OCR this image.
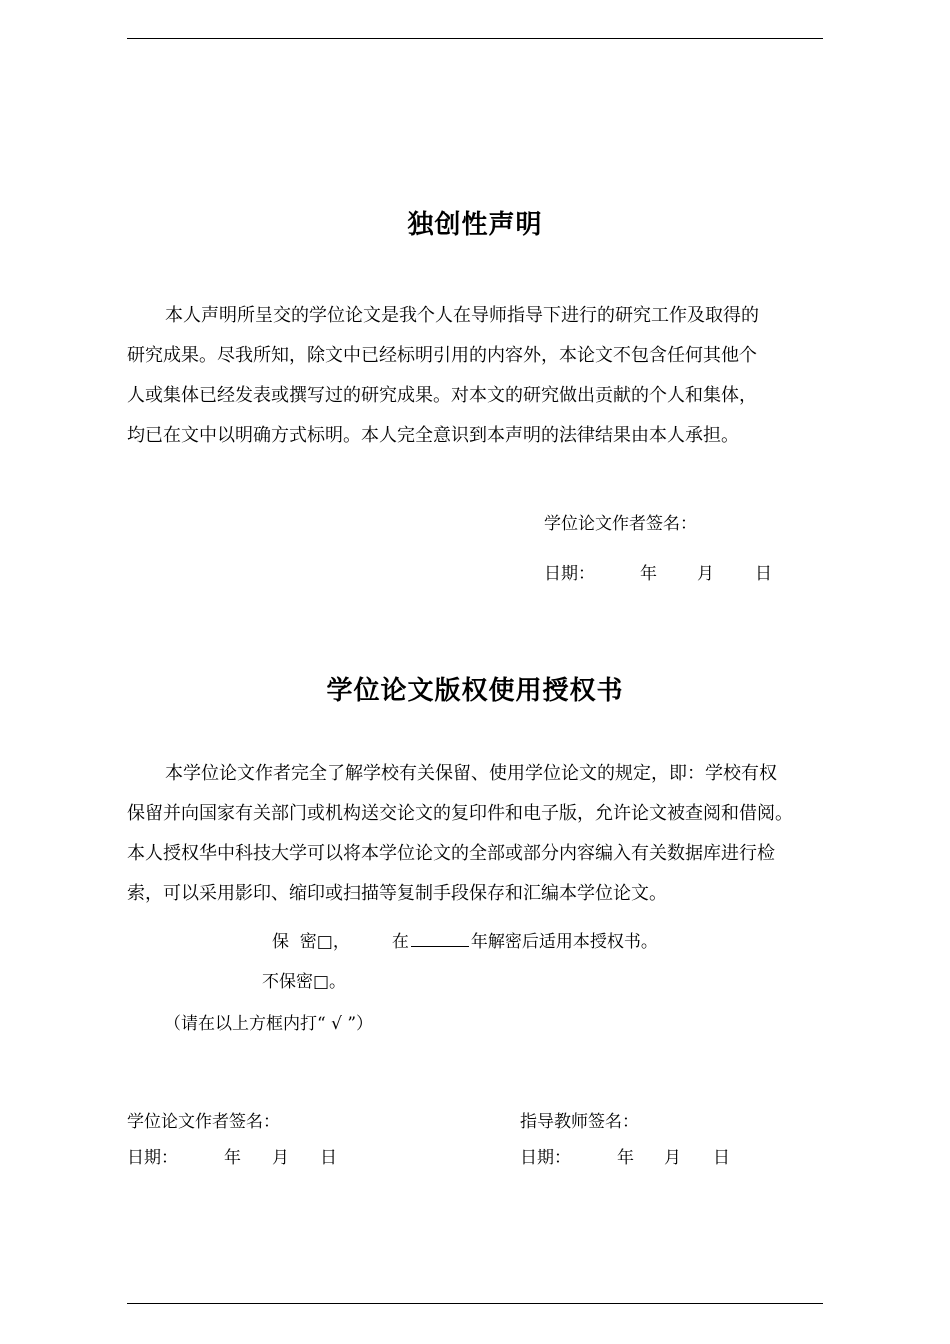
独创性声明
本人声明所呈交的学位论文是我个人在导师指导下进行的研究工作及取得的
研究成果。尽我所知，除文中已经标明引用的内容外，本论文不包含任何其他个
人或集体已经发表或撰写过的研究成果。对本文的研究做出贡献的个人和集体，
均已在文中以明确方式标明。本人完全意识到本声明的法律结果由本人承担。
学位论文作者签名：
日期：	年 月 日
学位论文版权使用授权书
本学位论文作者完全了解学校有关保留、使用学位论文的规定，即：学校有权
保留并向国家有关部门或机构送交论文的复印件和电子版，允许论文被查阅和借阅。
本人授权华中科技大学可以将本学位论文的全部或部分内容编入有关数据库进行检
索，可以采用影印、缩印或扫描等复制手段保存和汇编本学位论文。
保  密□， 在	年解密后适用本授权书。
不保密□。
（请在以上方框内打“ √ ”）
学位论文作者签名：	指导教师签名：
日期：	年 月 日	日期：	年 月 日
